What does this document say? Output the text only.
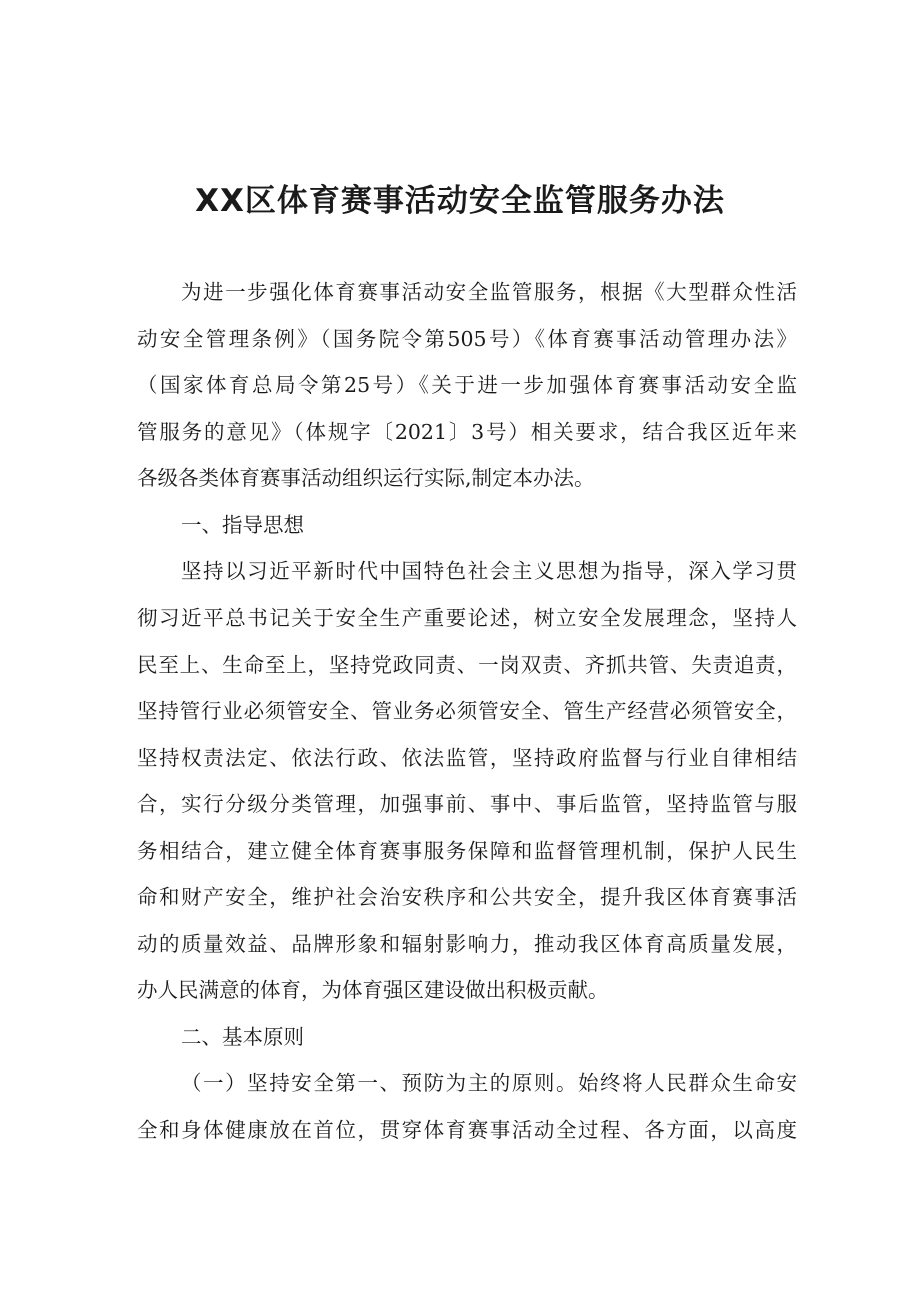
XX区体育赛事活动安全监管服务办法

为进一步强化体育赛事活动安全监管服务，根据《大型群众性活

动安全管理条例》（国务院令第505号）《体育赛事活动管理办法》

（国家体育总局令第25号）《关于进一步加强体育赛事活动安全监

管服务的意见》（体规字〔2021〕3号）相关要求，结合我区近年来

各级各类体育赛事活动组织运行实际,制定本办法。

一、指导思想

坚持以习近平新时代中国特色社会主义思想为指导，深入学习贯

彻习近平总书记关于安全生产重要论述，树立安全发展理念，坚持人

民至上、生命至上，坚持党政同责、一岗双责、齐抓共管、失责追责，

坚持管行业必须管安全、管业务必须管安全、管生产经营必须管安全，

坚持权责法定、依法行政、依法监管，坚持政府监督与行业自律相结

合，实行分级分类管理，加强事前、事中、事后监管，坚持监管与服

务相结合，建立健全体育赛事服务保障和监督管理机制，保护人民生

命和财产安全，维护社会治安秩序和公共安全，提升我区体育赛事活

动的质量效益、品牌形象和辐射影响力，推动我区体育高质量发展，

办人民满意的体育，为体育强区建设做出积极贡献。

二、基本原则

（一）坚持安全第一、预防为主的原则。始终将人民群众生命安

全和身体健康放在首位，贯穿体育赛事活动全过程、各方面，以高度
